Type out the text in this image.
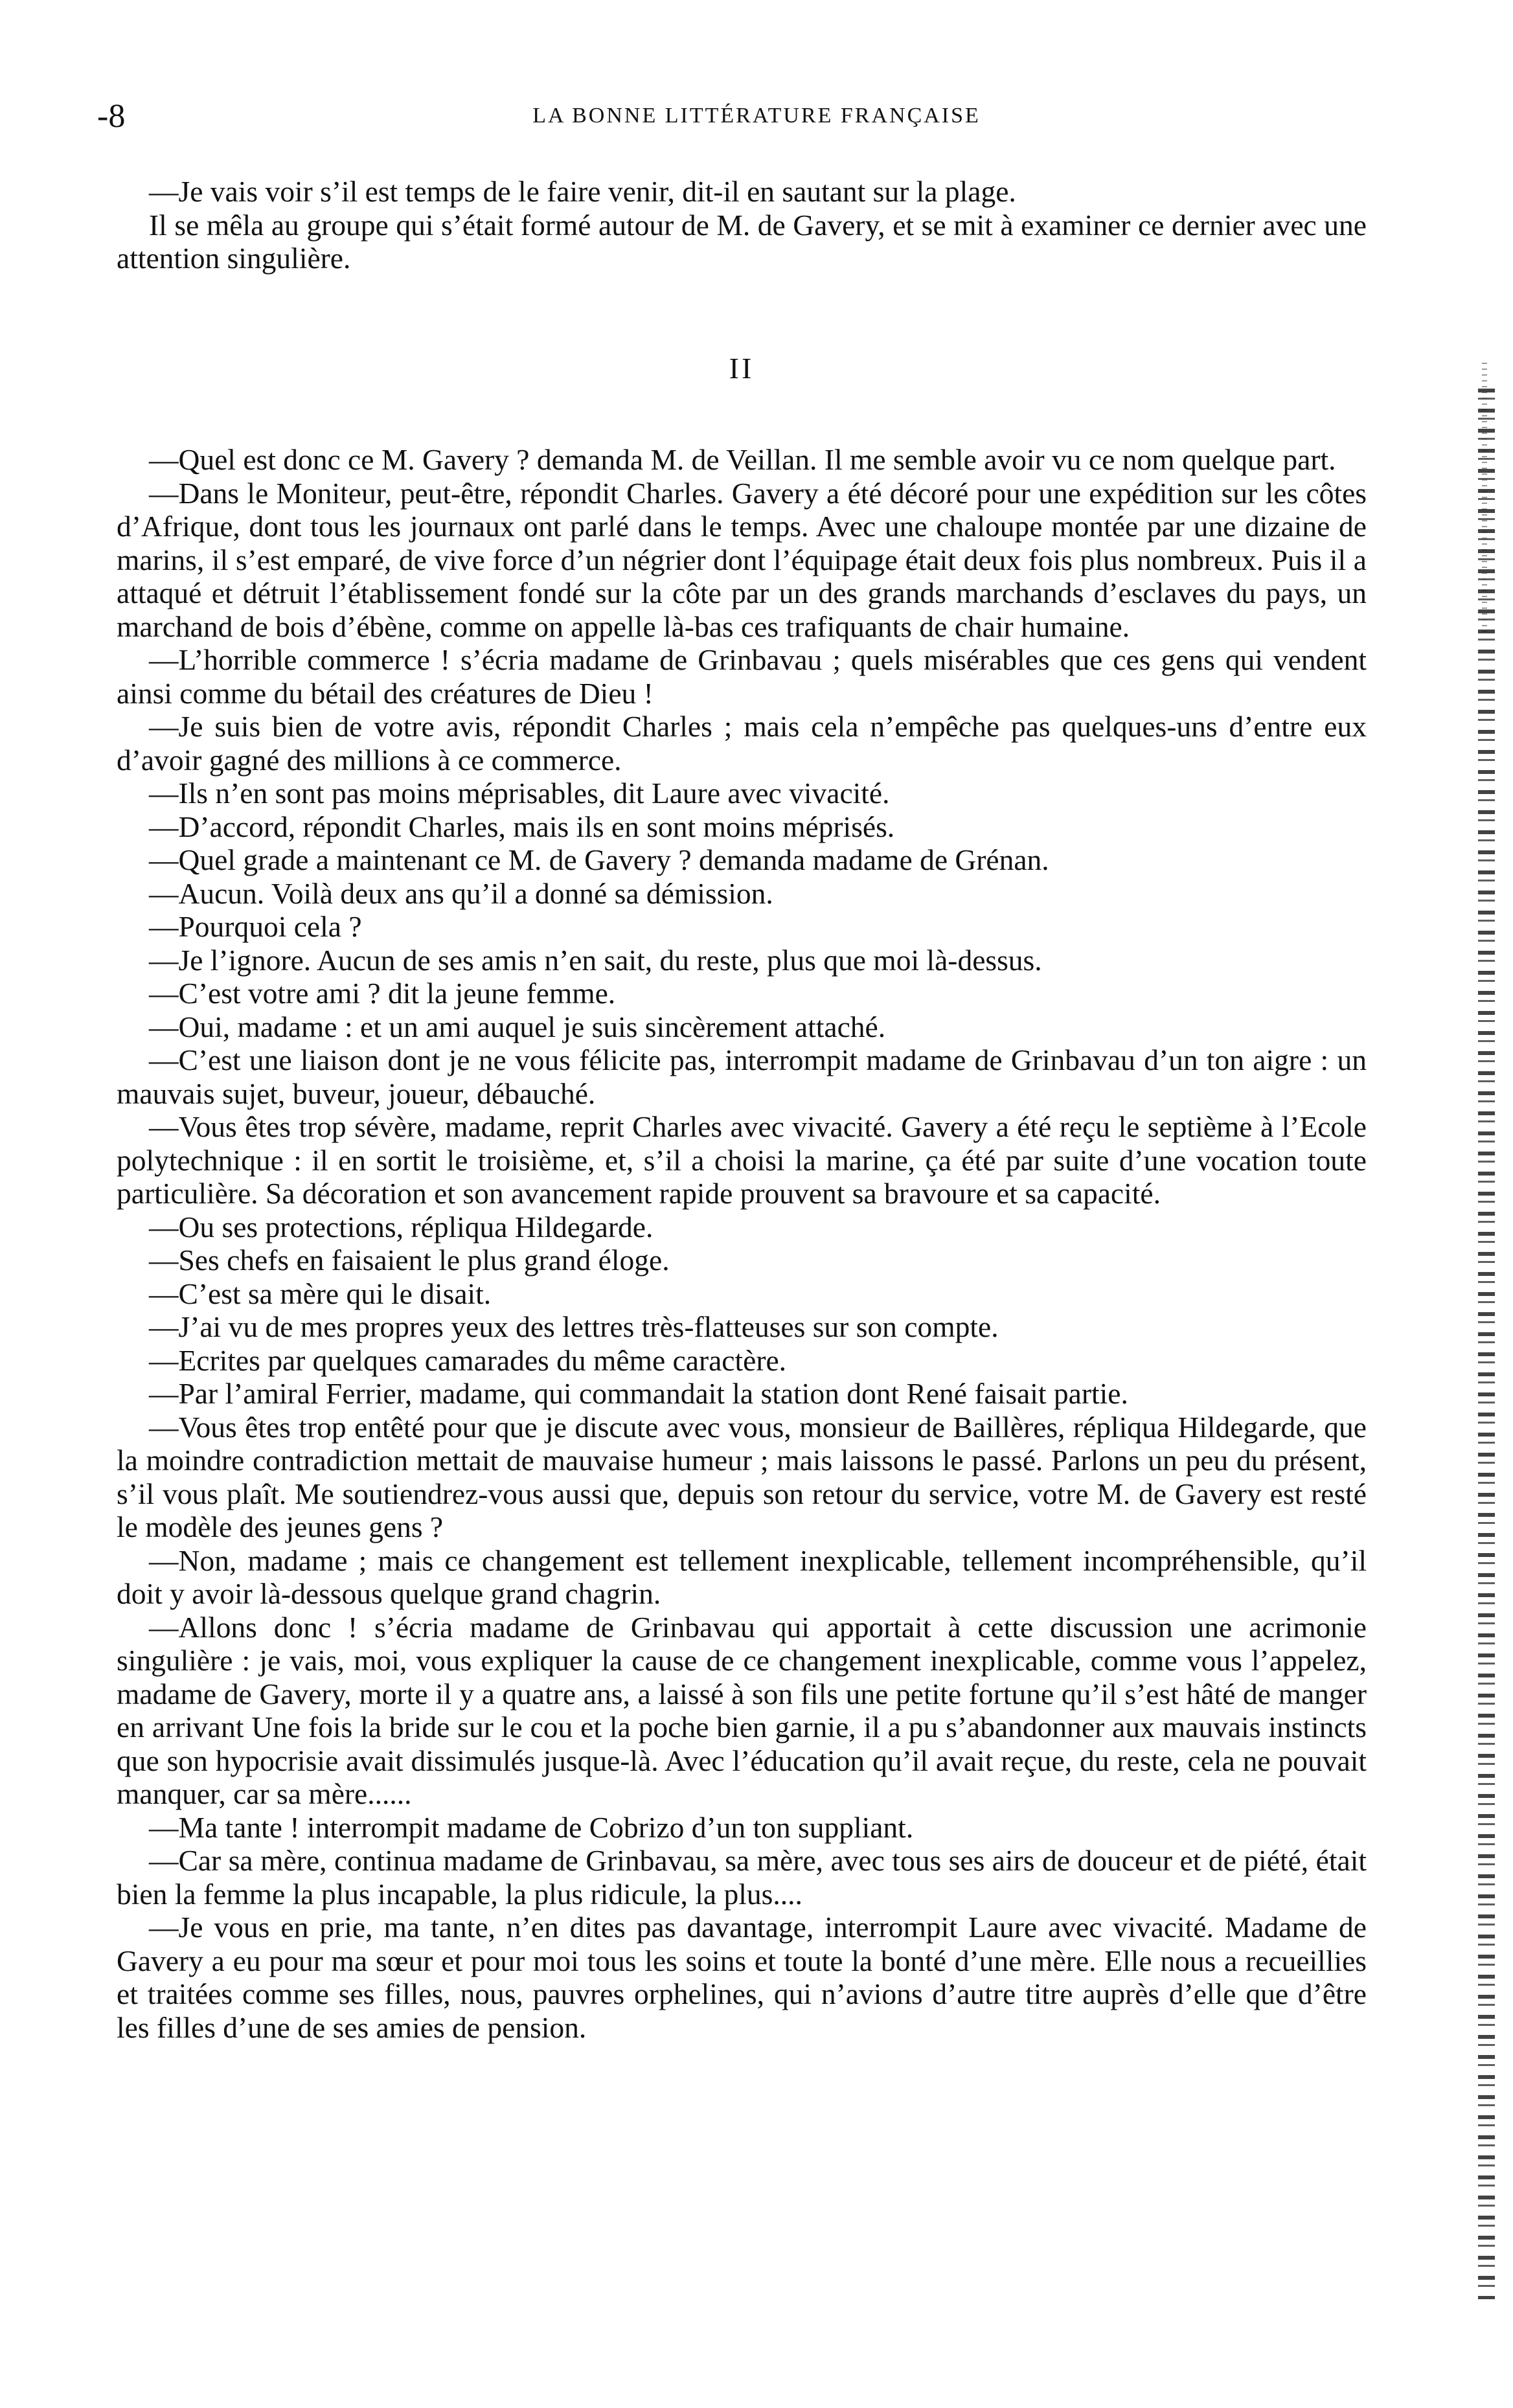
-8	LA BONNE LITTÉRATURE FRANÇAISE

—Je vais voir s’il est temps de le faire venir, dit-il en sautant sur la plage.

Il se mêla au groupe qui s’était formé autour de M. de Gavery, et se mit à examiner ce dernier avec une attention singulière.

II

—Quel est donc ce M. Gavery ? demanda M. de Veillan. Il me semble avoir vu ce nom quelque part.

—Dans le Moniteur, peut-être, répondit Charles. Gavery a été décoré pour une expédition sur les côtes d’Afrique, dont tous les journaux ont parlé dans le temps. Avec une chaloupe montée par une dizaine de marins, il s’est emparé, de vive force d’un négrier dont l’équipage était deux fois plus nombreux. Puis il a attaqué et détruit l’établissement fondé sur la côte par un des grands marchands d’esclaves du pays, un marchand de bois d’ébène, comme on appelle là-bas ces trafiquants de chair humaine.

—L’horrible commerce ! s’écria madame de Grinbavau ; quels misérables que ces gens qui vendent ainsi comme du bétail des créatures de Dieu !

—Je suis bien de votre avis, répondit Charles ; mais cela n’empêche pas quelques-uns d’entre eux d’avoir gagné des millions à ce commerce.

—Ils n’en sont pas moins méprisables, dit Laure avec vivacité.

—D’accord, répondit Charles, mais ils en sont moins méprisés.

—Quel grade a maintenant ce M. de Gavery ? demanda madame de Grénan.

—Aucun. Voilà deux ans qu’il a donné sa démission.

—Pourquoi cela ?

—Je l’ignore. Aucun de ses amis n’en sait, du reste, plus que moi là-dessus.

—C’est votre ami ? dit la jeune femme.

—Oui, madame : et un ami auquel je suis sincèrement attaché.

—C’est une liaison dont je ne vous félicite pas, interrompit madame de Grinbavau d’un ton aigre : un mauvais sujet, buveur, joueur, débauché.

—Vous êtes trop sévère, madame, reprit Charles avec vivacité. Gavery a été reçu le septième à l’Ecole polytechnique : il en sortit le troisième, et, s’il a choisi la marine, ça été par suite d’une vocation toute particulière. Sa décoration et son avancement rapide prouvent sa bravoure et sa capacité.

—Ou ses protections, répliqua Hildegarde.

—Ses chefs en faisaient le plus grand éloge.

—C’est sa mère qui le disait.

—J’ai vu de mes propres yeux des lettres très-flatteuses sur son compte.

—Ecrites par quelques camarades du même caractère.

—Par l’amiral Ferrier, madame, qui commandait la station dont René faisait partie.

—Vous êtes trop entêté pour que je discute avec vous, monsieur de Baillères, répliqua Hildegarde, que la moindre contradiction mettait de mauvaise humeur ; mais laissons le passé. Parlons un peu du présent, s’il vous plaît. Me soutiendrez-vous aussi que, depuis son retour du service, votre M. de Gavery est resté le modèle des jeunes gens ?

—Non, madame ; mais ce changement est tellement inexplicable, tellement incompréhensible, qu’il doit y avoir là-dessous quelque grand chagrin.

—Allons donc ! s’écria madame de Grinbavau qui apportait à cette discussion une acrimonie singulière : je vais, moi, vous expliquer la cause de ce changement inexplicable, comme vous l’appelez, madame de Gavery, morte il y a quatre ans, a laissé à son fils une petite fortune qu’il s’est hâté de manger en arrivant Une fois la bride sur le cou et la poche bien garnie, il a pu s’abandonner aux mauvais instincts que son hypocrisie avait dissimulés jusque-là. Avec l’éducation qu’il avait reçue, du reste, cela ne pouvait manquer, car sa mère......

—Ma tante ! interrompit madame de Cobrizo d’un ton suppliant.

—Car sa mère, continua madame de Grinbavau, sa mère, avec tous ses airs de douceur et de piété, était bien la femme la plus incapable, la plus ridicule, la plus....

—Je vous en prie, ma tante, n’en dites pas davantage, interrompit Laure avec vivacité. Madame de Gavery a eu pour ma sœur et pour moi tous les soins et toute la bonté d’une mère. Elle nous a recueillies et traitées comme ses filles, nous, pauvres orphelines, qui n’avions d’autre titre auprès d’elle que d’être les filles d’une de ses amies de pension.
